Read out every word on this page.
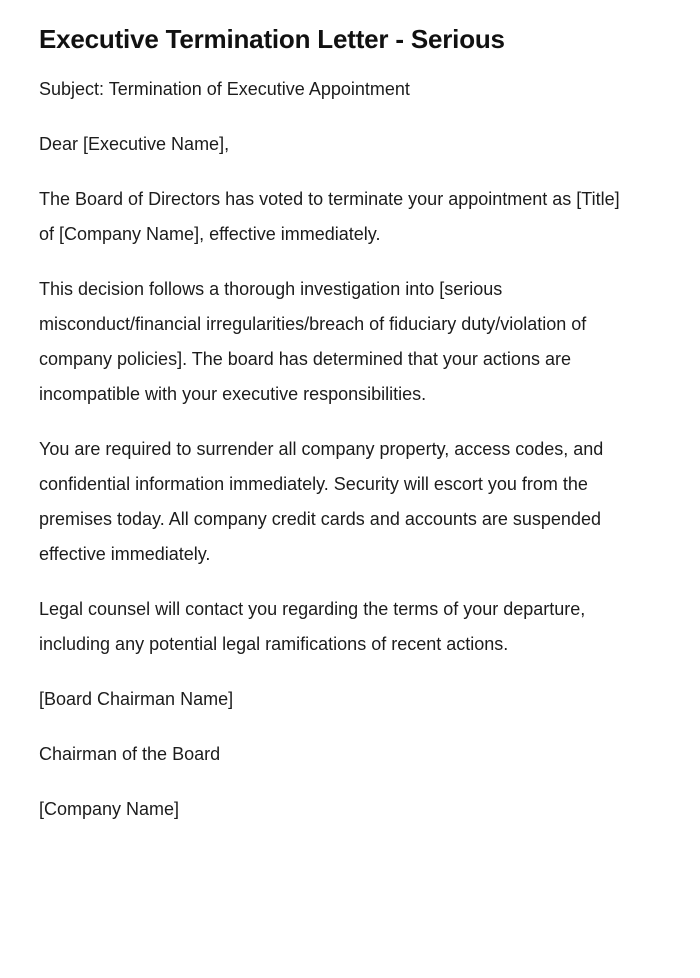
Executive Termination Letter - Serious

Subject: Termination of Executive Appointment

Dear [Executive Name],

The Board of Directors has voted to terminate your appointment as [Title] of [Company Name], effective immediately.

This decision follows a thorough investigation into [serious misconduct/financial irregularities/breach of fiduciary duty/violation of company policies]. The board has determined that your actions are incompatible with your executive responsibilities.

You are required to surrender all company property, access codes, and confidential information immediately. Security will escort you from the premises today. All company credit cards and accounts are suspended effective immediately.

Legal counsel will contact you regarding the terms of your departure, including any potential legal ramifications of recent actions.

[Board Chairman Name]

Chairman of the Board

[Company Name]
